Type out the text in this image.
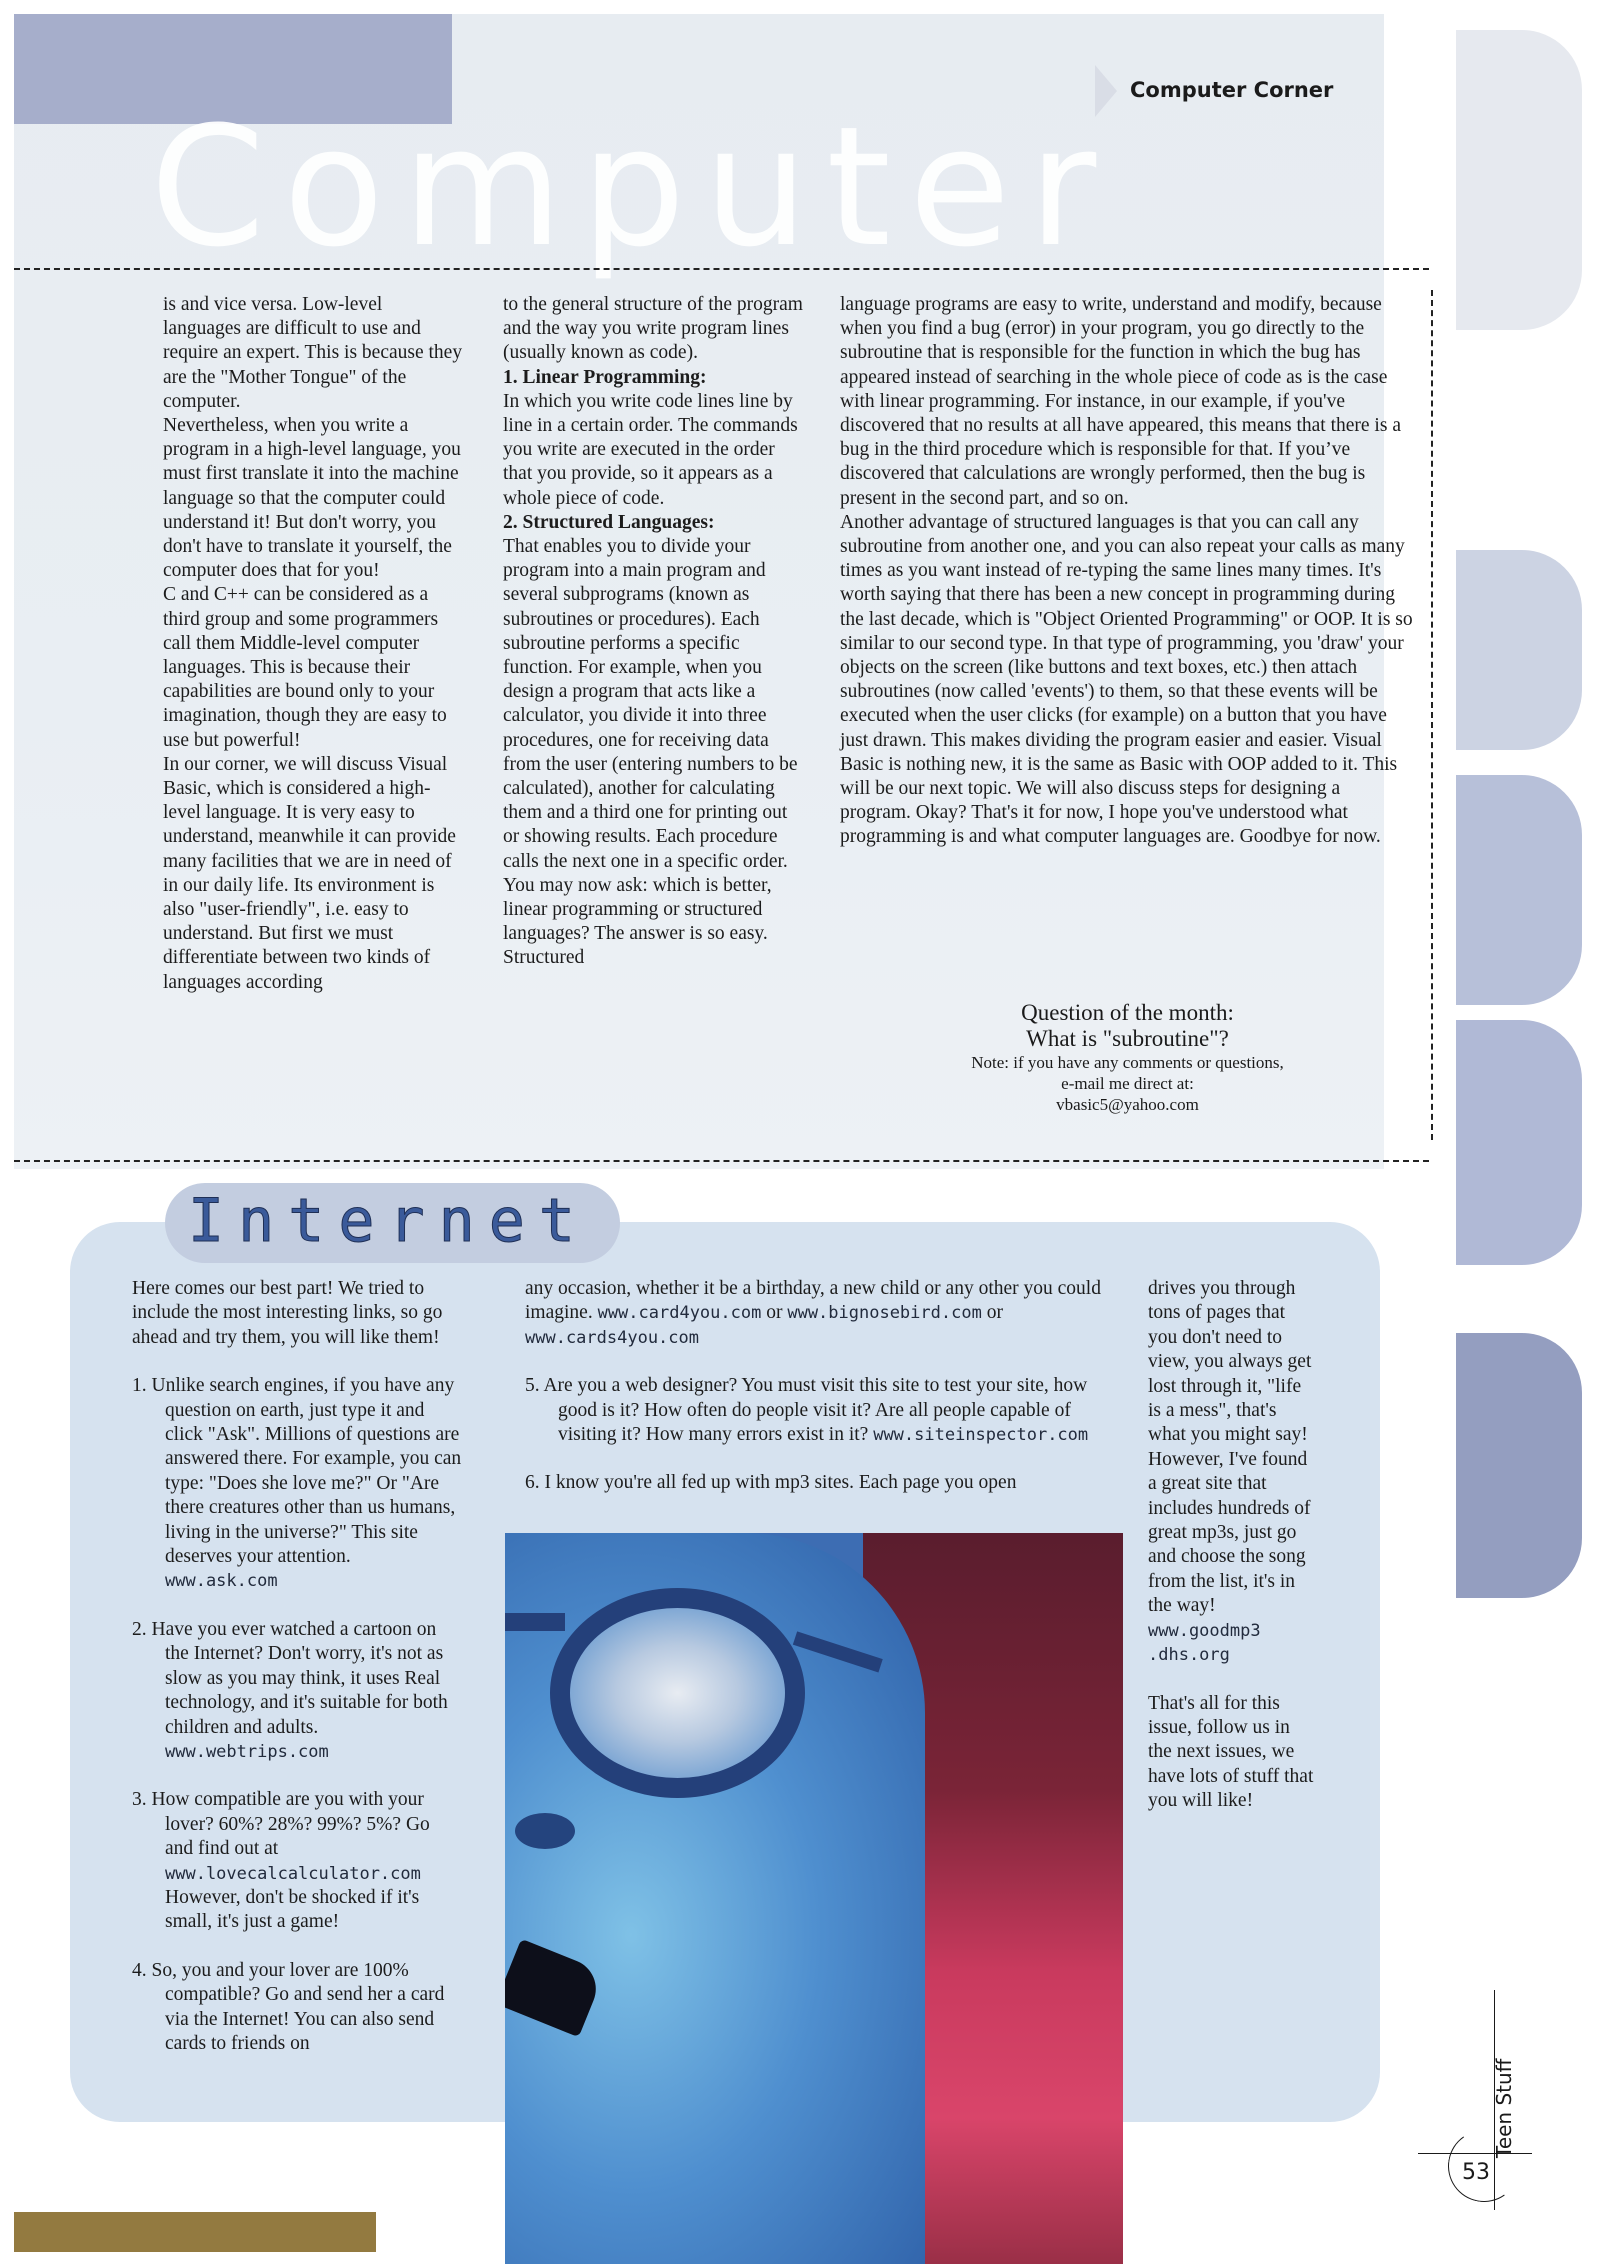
Computer
Computer Corner

is and vice versa. Low-level languages are difficult to use and require an expert. This is because they are the "Mother Tongue" of the computer.

Nevertheless, when you write a program in a high-level language, you must first translate it into the machine language so that the computer could understand it! But don't worry, you don't have to translate it yourself, the computer does that for you!

C and C++ can be considered as a third group and some programmers call them Middle-level computer languages. This is because their capabilities are bound only to your imagination, though they are easy to use but powerful!

In our corner, we will discuss Visual Basic, which is considered a high-level language. It is very easy to understand, meanwhile it can provide many facilities that we are in need of in our daily life. Its environment is also "user-friendly", i.e. easy to understand. But first we must differentiate between two kinds of languages according

to the general structure of the program and the way you write program lines (usually known as code).

1. Linear Programming:

In which you write code lines line by line in a certain order. The commands you write are executed in the order that you provide, so it appears as a whole piece of code.

2. Structured Languages:

That enables you to divide your program into a main program and several subprograms (known as subroutines or procedures). Each subroutine performs a specific function. For example, when you design a program that acts like a calculator, you divide it into three procedures, one for receiving data from the user (entering numbers to be calculated), another for calculating them and a third one for printing out or showing results. Each procedure calls the next one in a specific order.

You may now ask: which is better, linear programming or structured languages? The answer is so easy. Structured

language programs are easy to write, understand and modify, because when you find a bug (error) in your program, you go directly to the subroutine that is responsible for the function in which the bug has appeared instead of searching in the whole piece of code as is the case with linear programming. For instance, in our example, if you've discovered that no results at all have appeared, this means that there is a bug in the third procedure which is responsible for that. If you’ve discovered that calculations are wrongly performed, then the bug is present in the second part, and so on.

Another advantage of structured languages is that you can call any subroutine from another one, and you can also repeat your calls as many times as you want instead of re-typing the same lines many times. It's worth saying that there has been a new concept in programming during the last decade, which is "Object Oriented Programming" or OOP. It is so similar to our second type. In that type of programming, you 'draw' your objects on the screen (like buttons and text boxes, etc.) then attach subroutines (now called 'events') to them, so that these events will be executed when the user clicks (for example) on a button that you have just drawn. This makes dividing the program easier and easier. Visual Basic is nothing new, it is the same as Basic with OOP added to it. This will be our next topic. We will also discuss steps for designing a program. Okay? That's it for now, I hope you've understood what programming is and what computer languages are. Goodbye for now.

Question of the month:
What is "subroutine"?
Note: if you have any comments or questions,
e-mail me direct at:
vbasic5@yahoo.com
Internet

Here comes our best part! We tried to include the most interesting links, so go ahead and try them, you will like them!

1. Unlike search engines, if you have any question on earth, just type it and click "Ask". Millions of questions are answered there. For example, you can type: "Does she love me?" Or "Are there creatures other than us humans, living in the universe?" This site deserves your attention. www.ask.com
2. Have you ever watched a cartoon on the Internet? Don't worry, it's not as slow as you may think, it uses Real technology, and it's suitable for both children and adults. www.webtrips.com
3. How compatible are you with your lover? 60%? 28%? 99%? 5%? Go and find out at www.lovecalcalculator.com However, don't be shocked if it's small, it's just a game!
4. So, you and your lover are 100% compatible? Go and send her a card via the Internet! You can also send cards to friends on

any occasion, whether it be a birthday, a new child or any other you could imagine. www.card4you.com or www.bignosebird.com or www.cards4you.com

5. Are you a web designer? You must visit this site to test your site, how good is it? How often do people visit it? Are all people capable of visiting it? How many errors exist in it? www.siteinspector.com
6. I know you're all fed up with mp3 sites. Each page you open

drives you through tons of pages that you don't need to view, you always get lost through it, "life is a mess", that's what you might say! However, I've found a great site that includes hundreds of great mp3s, just go and choose the song from the list, it's in the way!
www.goodmp3
.dhs.org

That's all for this issue, follow us in the next issues, we have lots of stuff that you will like!

Teen Stuff
53
